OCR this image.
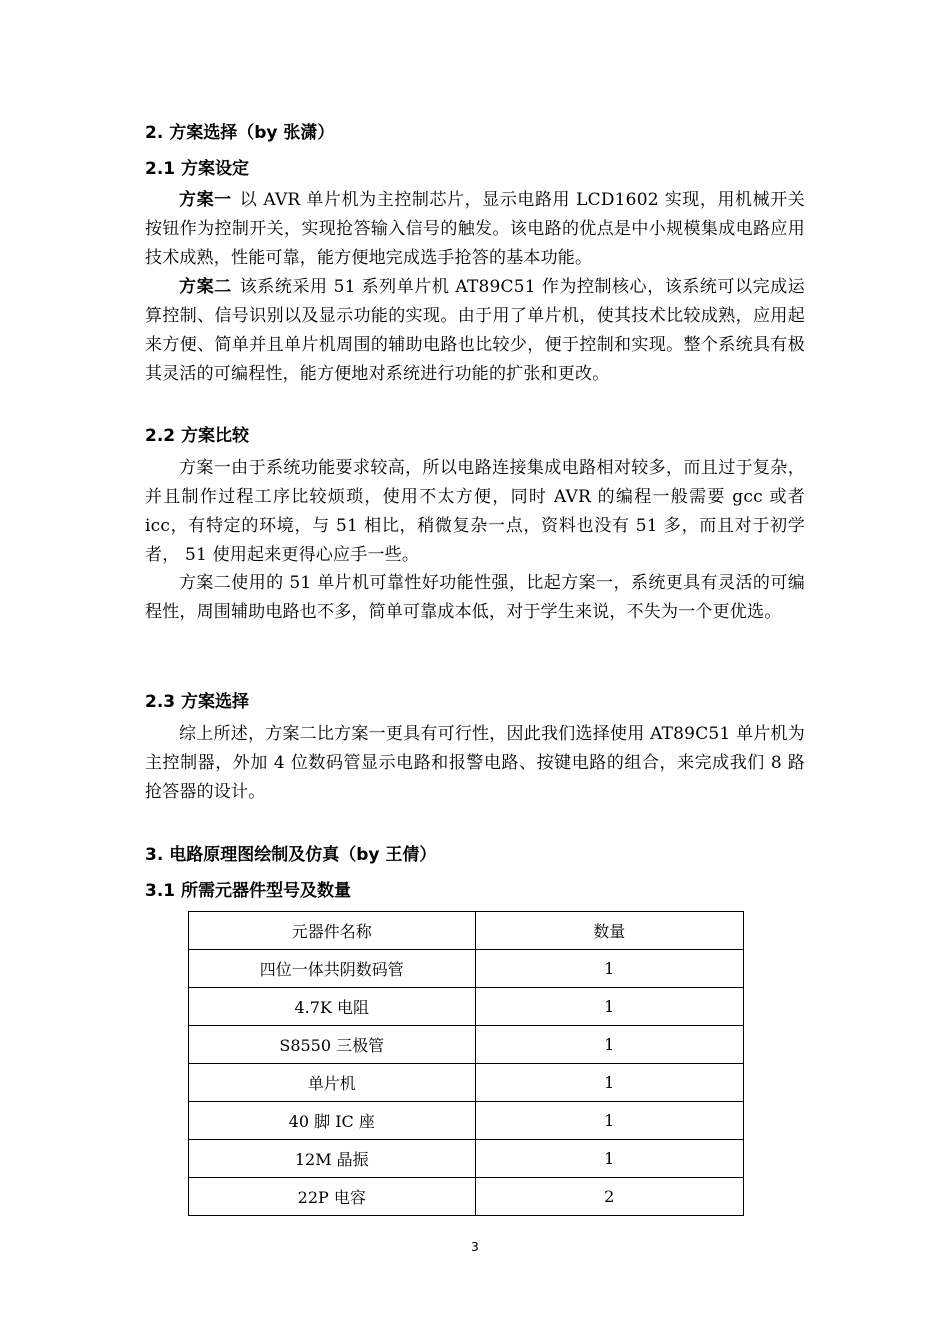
2. 方案选择（by 张潇）
2.1 方案设定

方案一 以 AVR 单片机为主控制芯片，显示电路用 LCD1602 实现，用机械开关按钮作为控制开关，实现抢答输入信号的触发。该电路的优点是中小规模集成电路应用技术成熟，性能可靠，能方便地完成选手抢答的基本功能。

方案二 该系统采用 51 系列单片机 AT89C51 作为控制核心，该系统可以完成运算控制、信号识别以及显示功能的实现。由于用了单片机，使其技术比较成熟，应用起来方便、简单并且单片机周围的辅助电路也比较少，便于控制和实现。整个系统具有极其灵活的可编程性，能方便地对系统进行功能的扩张和更改。

2.2 方案比较

方案一由于系统功能要求较高，所以电路连接集成电路相对较多，而且过于复杂，并且制作过程工序比较烦琐，使用不太方便，同时 AVR 的编程一般需要 gcc 或者 icc，有特定的环境，与 51 相比，稍微复杂一点，资料也没有 51 多，而且对于初学者， 51 使用起来更得心应手一些。

方案二使用的 51 单片机可靠性好功能性强，比起方案一，系统更具有灵活的可编程性，周围辅助电路也不多，简单可靠成本低，对于学生来说，不失为一个更优选。

2.3 方案选择

综上所述，方案二比方案一更具有可行性，因此我们选择使用 AT89C51 单片机为主控制器，外加 4 位数码管显示电路和报警电路、按键电路的组合，来完成我们 8 路抢答器的设计。

3. 电路原理图绘制及仿真（by 王倩）
3.1 所需元器件型号及数量
元器件名称	数量
四位一体共阴数码管	1
4.7K 电阻	1
S8550 三极管	1
单片机	1
40 脚 IC 座	1
12M 晶振	1
22P 电容	2
3
